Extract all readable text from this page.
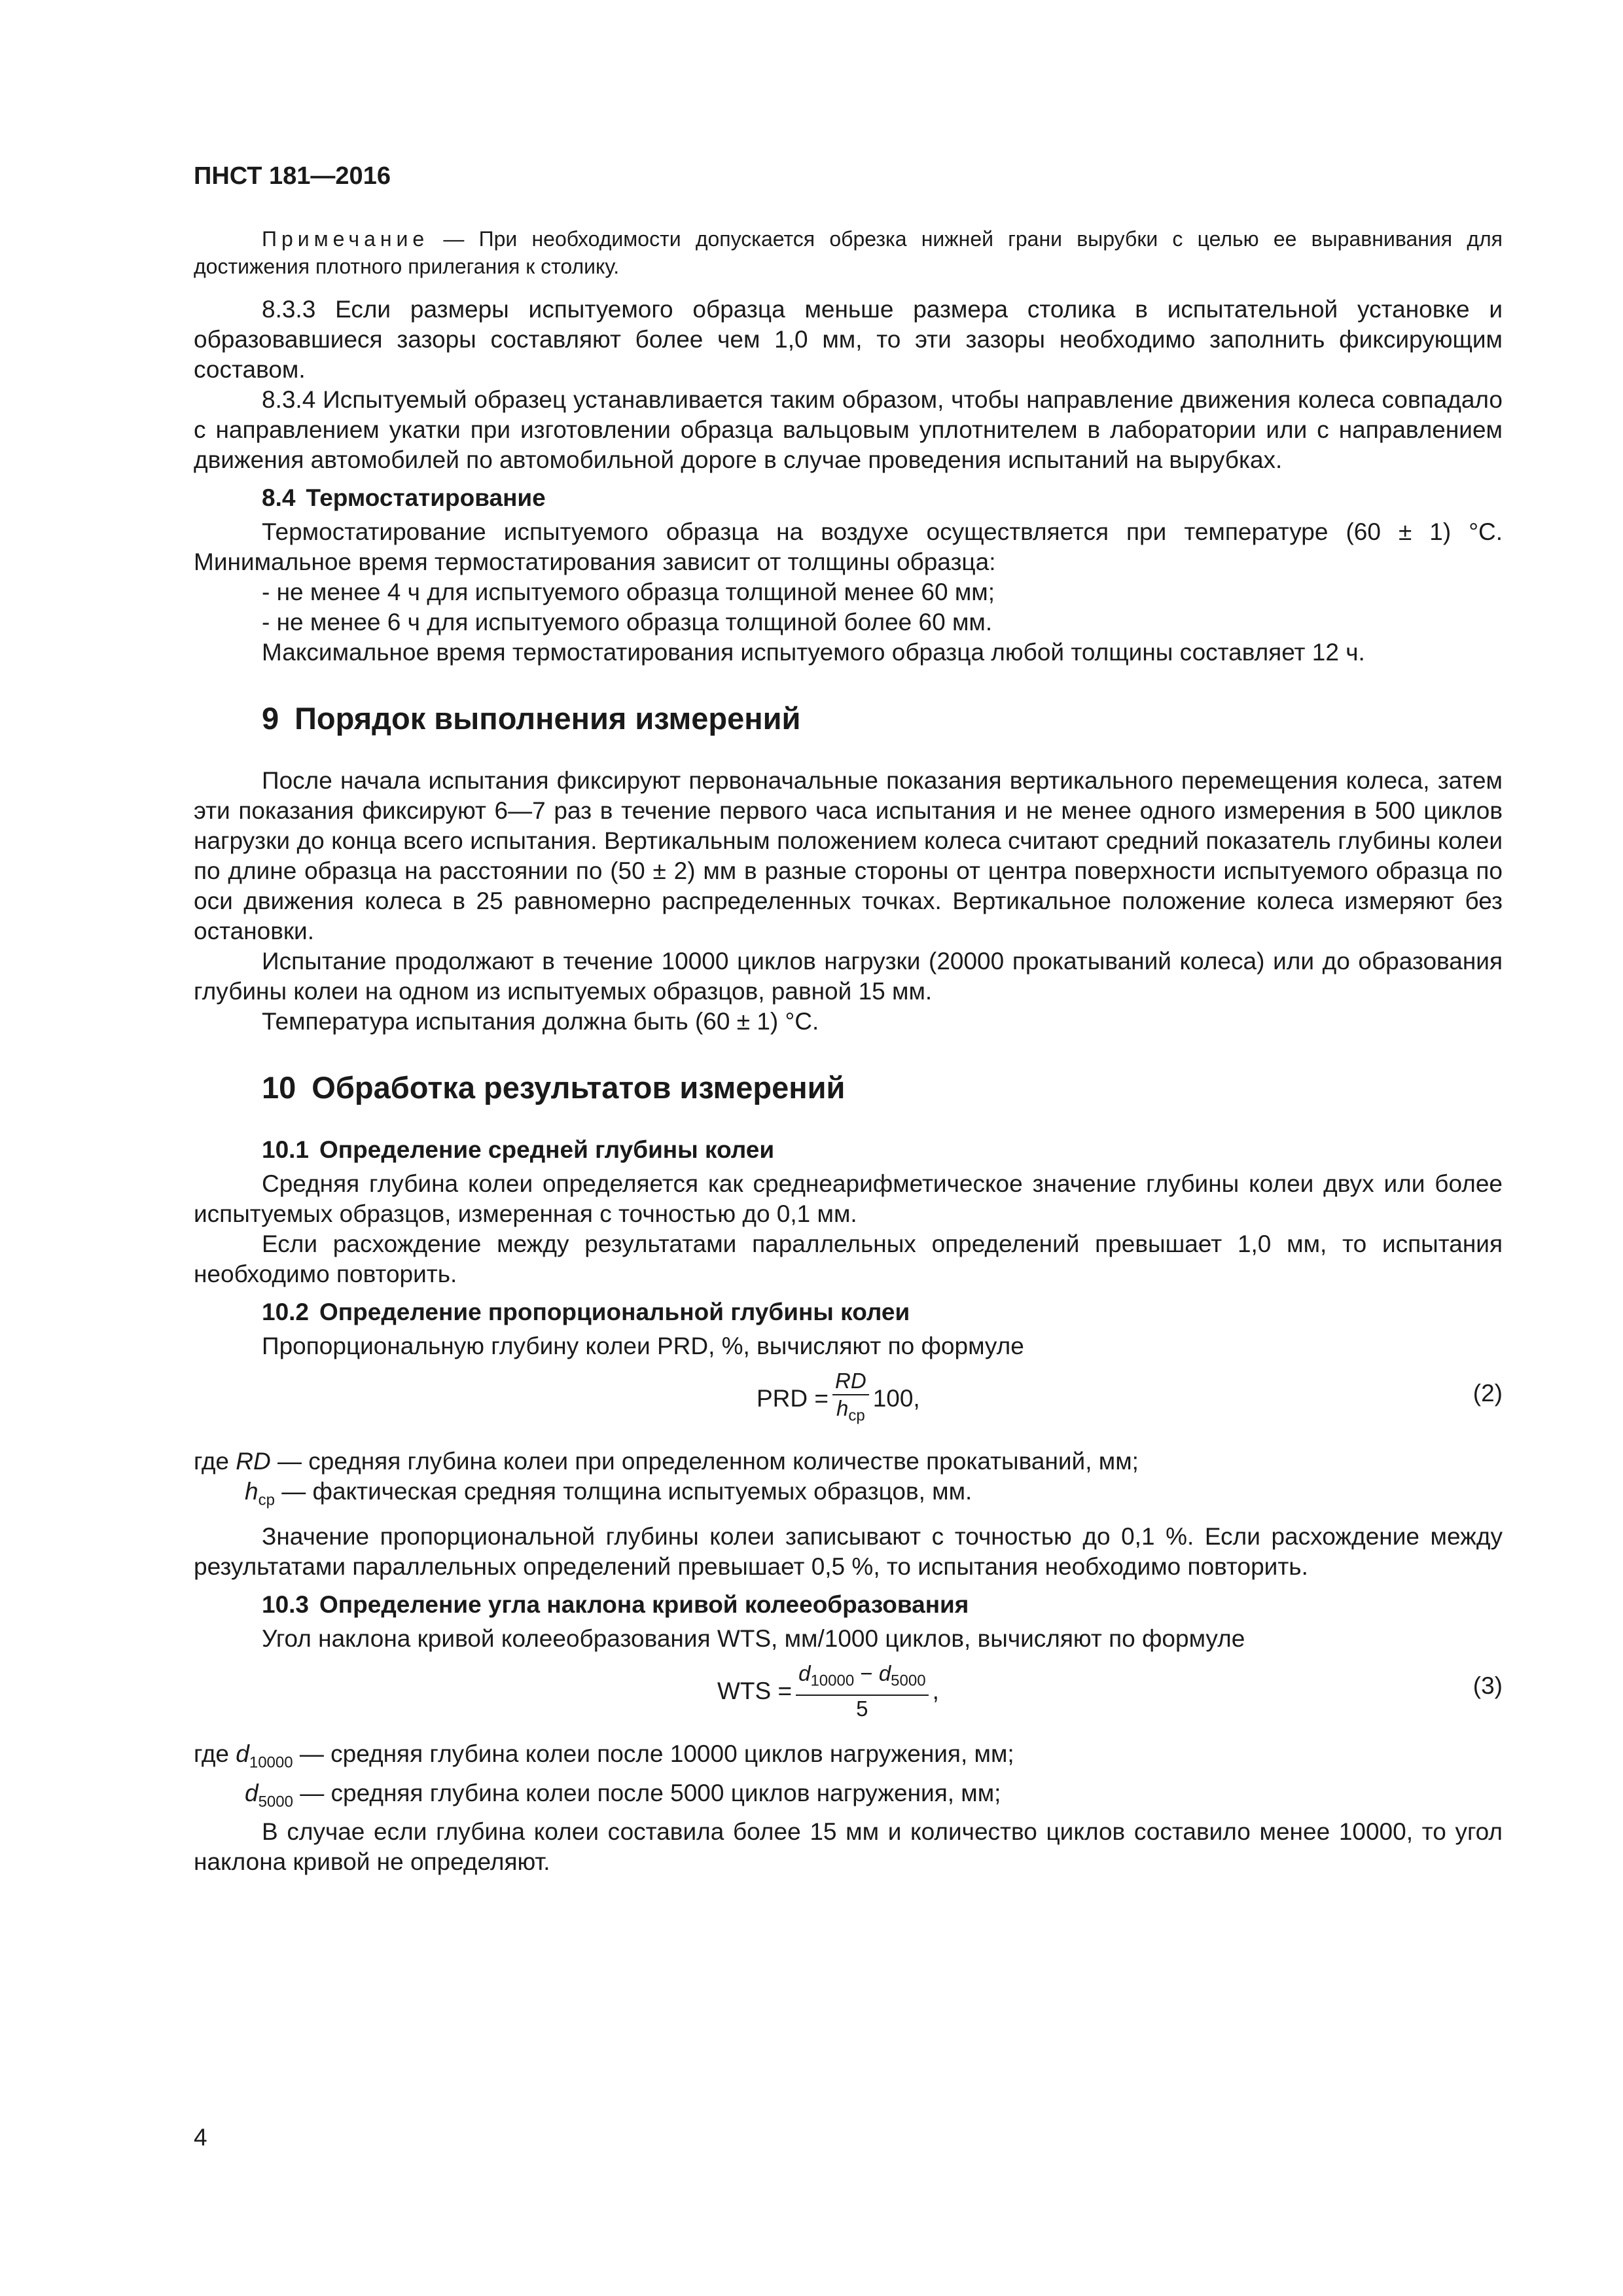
ПНСТ 181—2016

Примечание — При необходимости допускается обрезка нижней грани вырубки с целью ее выравнивания для достижения плотного прилегания к столику.

8.3.3 Если размеры испытуемого образца меньше размера столика в испытательной установке и образовавшиеся зазоры составляют более чем 1,0 мм, то эти зазоры необходимо заполнить фиксирующим составом.

8.3.4 Испытуемый образец устанавливается таким образом, чтобы направление движения колеса совпадало с направлением укатки при изготовлении образца вальцовым уплотнителем в лаборатории или с направлением движения автомобилей по автомобильной дороге в случае проведения испытаний на вырубках.

8.4 Термостатирование

Термостатирование испытуемого образца на воздухе осуществляется при температуре (60 ± 1) °C. Минимальное время термостатирования зависит от толщины образца:

- не менее 4 ч для испытуемого образца толщиной менее 60 мм;
- не менее 6 ч для испытуемого образца толщиной более 60 мм.

Максимальное время термостатирования испытуемого образца любой толщины составляет 12 ч.

9 Порядок выполнения измерений

После начала испытания фиксируют первоначальные показания вертикального перемещения колеса, затем эти показания фиксируют 6—7 раз в течение первого часа испытания и не менее одного измерения в 500 циклов нагрузки до конца всего испытания. Вертикальным положением колеса считают средний показатель глубины колеи по длине образца на расстоянии по (50 ± 2) мм в разные стороны от центра поверхности испытуемого образца по оси движения колеса в 25 равномерно распределенных точках. Вертикальное положение колеса измеряют без остановки.

Испытание продолжают в течение 10000 циклов нагрузки (20000 прокатываний колеса) или до образования глубины колеи на одном из испытуемых образцов, равной 15 мм.

Температура испытания должна быть (60 ± 1) °C.

10 Обработка результатов измерений
10.1 Определение средней глубины колеи

Средняя глубина колеи определяется как среднеарифметическое значение глубины колеи двух или более испытуемых образцов, измеренная с точностью до 0,1 мм.

Если расхождение между результатами параллельных определений превышает 1,0 мм, то испытания необходимо повторить.

10.2 Определение пропорциональной глубины колеи

Пропорциональную глубину колеи PRD, %, вычисляют по формуле

PRD = $\frac{RD}{h_{ср}} 100$,	(2)

где RD — средняя глубина колеи при определенном количестве прокатываний, мм;

$h_{ср}$ — фактическая средняя толщина испытуемых образцов, мм.

Значение пропорциональной глубины колеи записывают с точностью до 0,1 %. Если расхождение между результатами параллельных определений превышает 0,5 %, то испытания необходимо повторить.

10.3 Определение угла наклона кривой колееобразования

Угол наклона кривой колееобразования WTS, мм/1000 циклов, вычисляют по формуле

WTS = $\frac{d_{10000} - d_{5000}}{5}$ ,	(3)

где $d_{10000}$ — средняя глубина колеи после 10000 циклов нагружения, мм;

$d_{5000}$ — средняя глубина колеи после 5000 циклов нагружения, мм;

В случае если глубина колеи составила более 15 мм и количество циклов составило менее 10000, то угол наклона кривой не определяют.

4
